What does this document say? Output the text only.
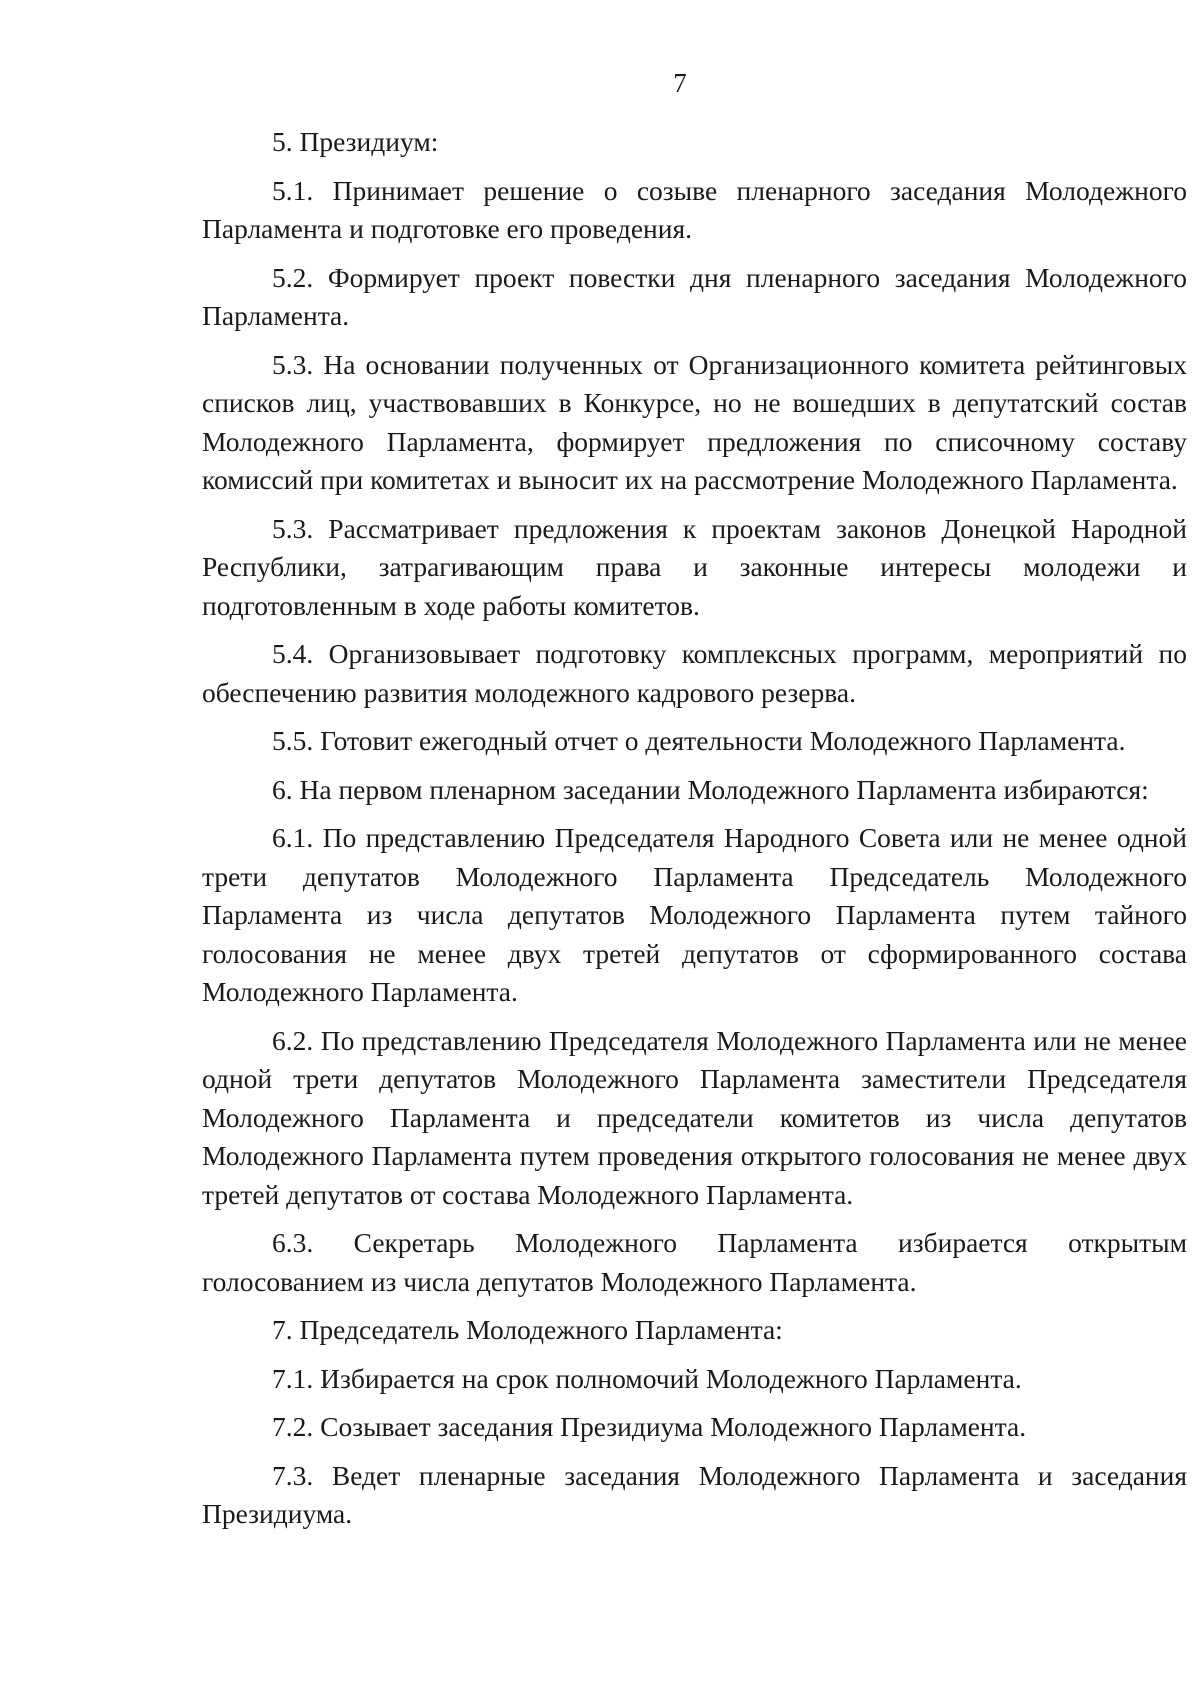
7

5. Президиум:

5.1. Принимает решение о созыве пленарного заседания Молодежного Парламента и подготовке его проведения.

5.2. Формирует проект повестки дня пленарного заседания Молодежного Парламента.

5.3. На основании полученных от Организационного комитета рейтинговых списков лиц, участвовавших в Конкурсе, но не вошедших в депутатский состав Молодежного Парламента, формирует предложения по списочному составу комиссий при комитетах и выносит их на рассмотрение Молодежного Парламента.

5.3. Рассматривает предложения к проектам законов Донецкой Народной Республики, затрагивающим права и законные интересы молодежи и подготовленным в ходе работы комитетов.

5.4. Организовывает подготовку комплексных программ, мероприятий по обеспечению развития молодежного кадрового резерва.

5.5. Готовит ежегодный отчет о деятельности Молодежного Парламента.

6. На первом пленарном заседании Молодежного Парламента избираются:

6.1. По представлению Председателя Народного Совета или не менее одной трети депутатов Молодежного Парламента Председатель Молодежного Парламента из числа депутатов Молодежного Парламента путем тайного голосования не менее двух третей депутатов от сформированного состава Молодежного Парламента.

6.2. По представлению Председателя Молодежного Парламента или не менее одной трети депутатов Молодежного Парламента заместители Председателя Молодежного Парламента и председатели комитетов из числа депутатов Молодежного Парламента путем проведения открытого голосования не менее двух третей депутатов от состава Молодежного Парламента.

6.3. Секретарь Молодежного Парламента избирается открытым голосованием из числа депутатов Молодежного Парламента.

7. Председатель Молодежного Парламента:

7.1. Избирается на срок полномочий Молодежного Парламента.

7.2. Созывает заседания Президиума Молодежного Парламента.

7.3. Ведет пленарные заседания Молодежного Парламента и заседания Президиума.
